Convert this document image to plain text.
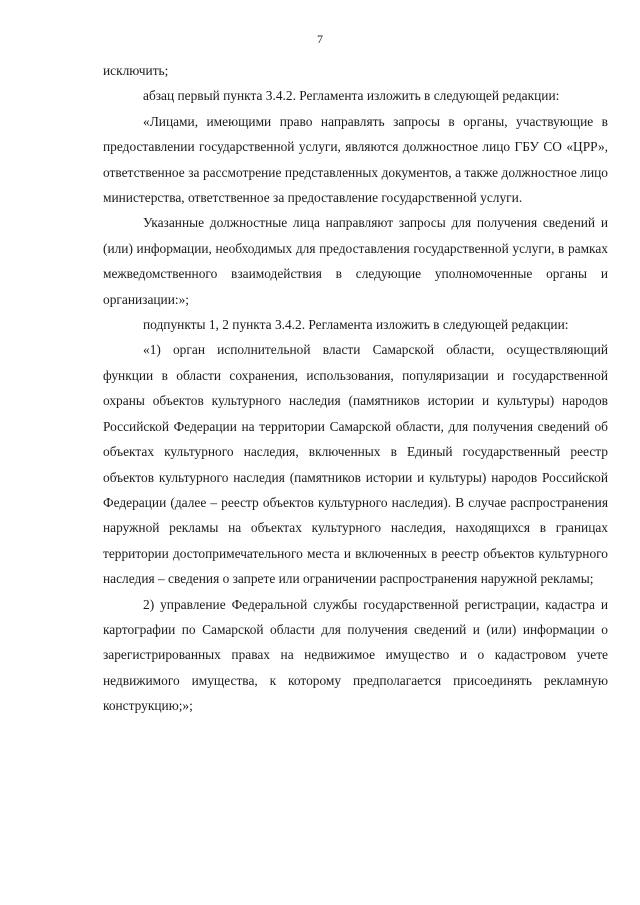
7

исключить;

абзац первый пункта 3.4.2. Регламента изложить в следующей редакции:

«Лицами, имеющими право направлять запросы в органы, участвующие в предоставлении государственной услуги, являются должностное лицо ГБУ СО «ЦРР», ответственное за рассмотрение представленных документов, а также должностное лицо министерства, ответственное за предоставление государственной услуги.

Указанные должностные лица направляют запросы для получения сведений и (или) информации, необходимых для предоставления государственной услуги, в рамках межведомственного взаимодействия в следующие уполномоченные органы и организации:»;

подпункты 1, 2 пункта 3.4.2. Регламента изложить в следующей редакции:

«1) орган исполнительной власти Самарской области, осуществляющий функции в области сохранения, использования, популяризации и государственной охраны объектов культурного наследия (памятников истории и культуры) народов Российской Федерации на территории Самарской области, для получения сведений об объектах культурного наследия, включенных в Единый государственный реестр объектов культурного наследия (памятников истории и культуры) народов Российской Федерации (далее – реестр объектов культурного наследия). В случае распространения наружной рекламы на объектах культурного наследия, находящихся в границах территории достопримечательного места и включенных в реестр объектов культурного наследия – сведения о запрете или ограничении распространения наружной рекламы;

2) управление Федеральной службы государственной регистрации, кадастра и картографии по Самарской области для получения сведений и (или) информации о зарегистрированных правах на недвижимое имущество и о кадастровом учете недвижимого имущества, к которому предполагается присоединять рекламную конструкцию;»;
